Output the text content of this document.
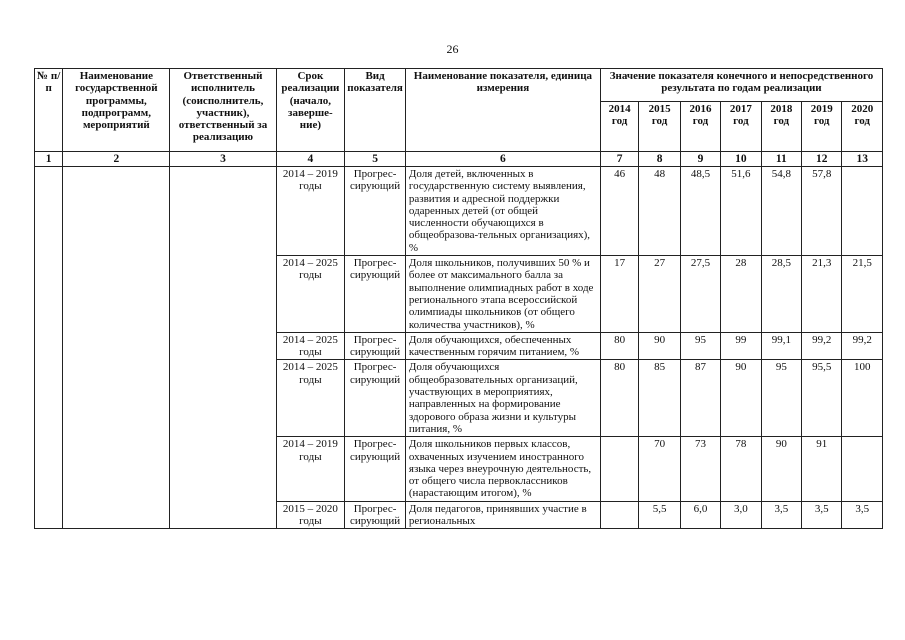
26
№ п/п	Наименование государственной программы, подпрограмм, мероприятий	Ответственный исполнитель (соисполнитель, участник), ответственный за реализацию	Срок реализации (начало, заверше-ние)	Вид показателя	Наименование показателя, единица измерения	Значение показателя конечного и непосредственного результата по годам реализации						
						2014 год	2015 год	2016 год	2017 год	2018 год	2019 год	2020 год
1	2	3	4	5	6	7	8	9	10	11	12	13
			2014 – 2019 годы	Прогрес-сирующий	Доля детей, включенных в государственную систему выявления, развития и адресной поддержки одаренных детей (от общей численности обучающихся в общеобразова-тельных организациях), %	46	48	48,5	51,6	54,8	57,8	
			2014 – 2025 годы	Прогрес-сирующий	Доля школьников, получивших 50 % и более от максимального балла за выполнение олимпиадных работ в ходе регионального этапа всероссийской олимпиады школьников (от общего количества участников), %	17	27	27,5	28	28,5	21,3	21,5
			2014 – 2025 годы	Прогрес-сирующий	Доля обучающихся, обеспеченных качественным горячим питанием, %	80	90	95	99	99,1	99,2	99,2
			2014 – 2025 годы	Прогрес-сирующий	Доля обучающихся общеобразовательных организаций, участвующих в мероприятиях, направленных на формирование здорового образа жизни и культуры питания, %	80	85	87	90	95	95,5	100
			2014 – 2019 годы	Прогрес-сирующий	Доля школьников первых классов, охваченных изучением иностранного языка через внеурочную деятельность, от общего числа первоклассников (нарастающим итогом), %		70	73	78	90	91	
			2015 – 2020 годы	Прогрес-сирующий	Доля педагогов, принявших участие в региональных		5,5	6,0	3,0	3,5	3,5	3,5
